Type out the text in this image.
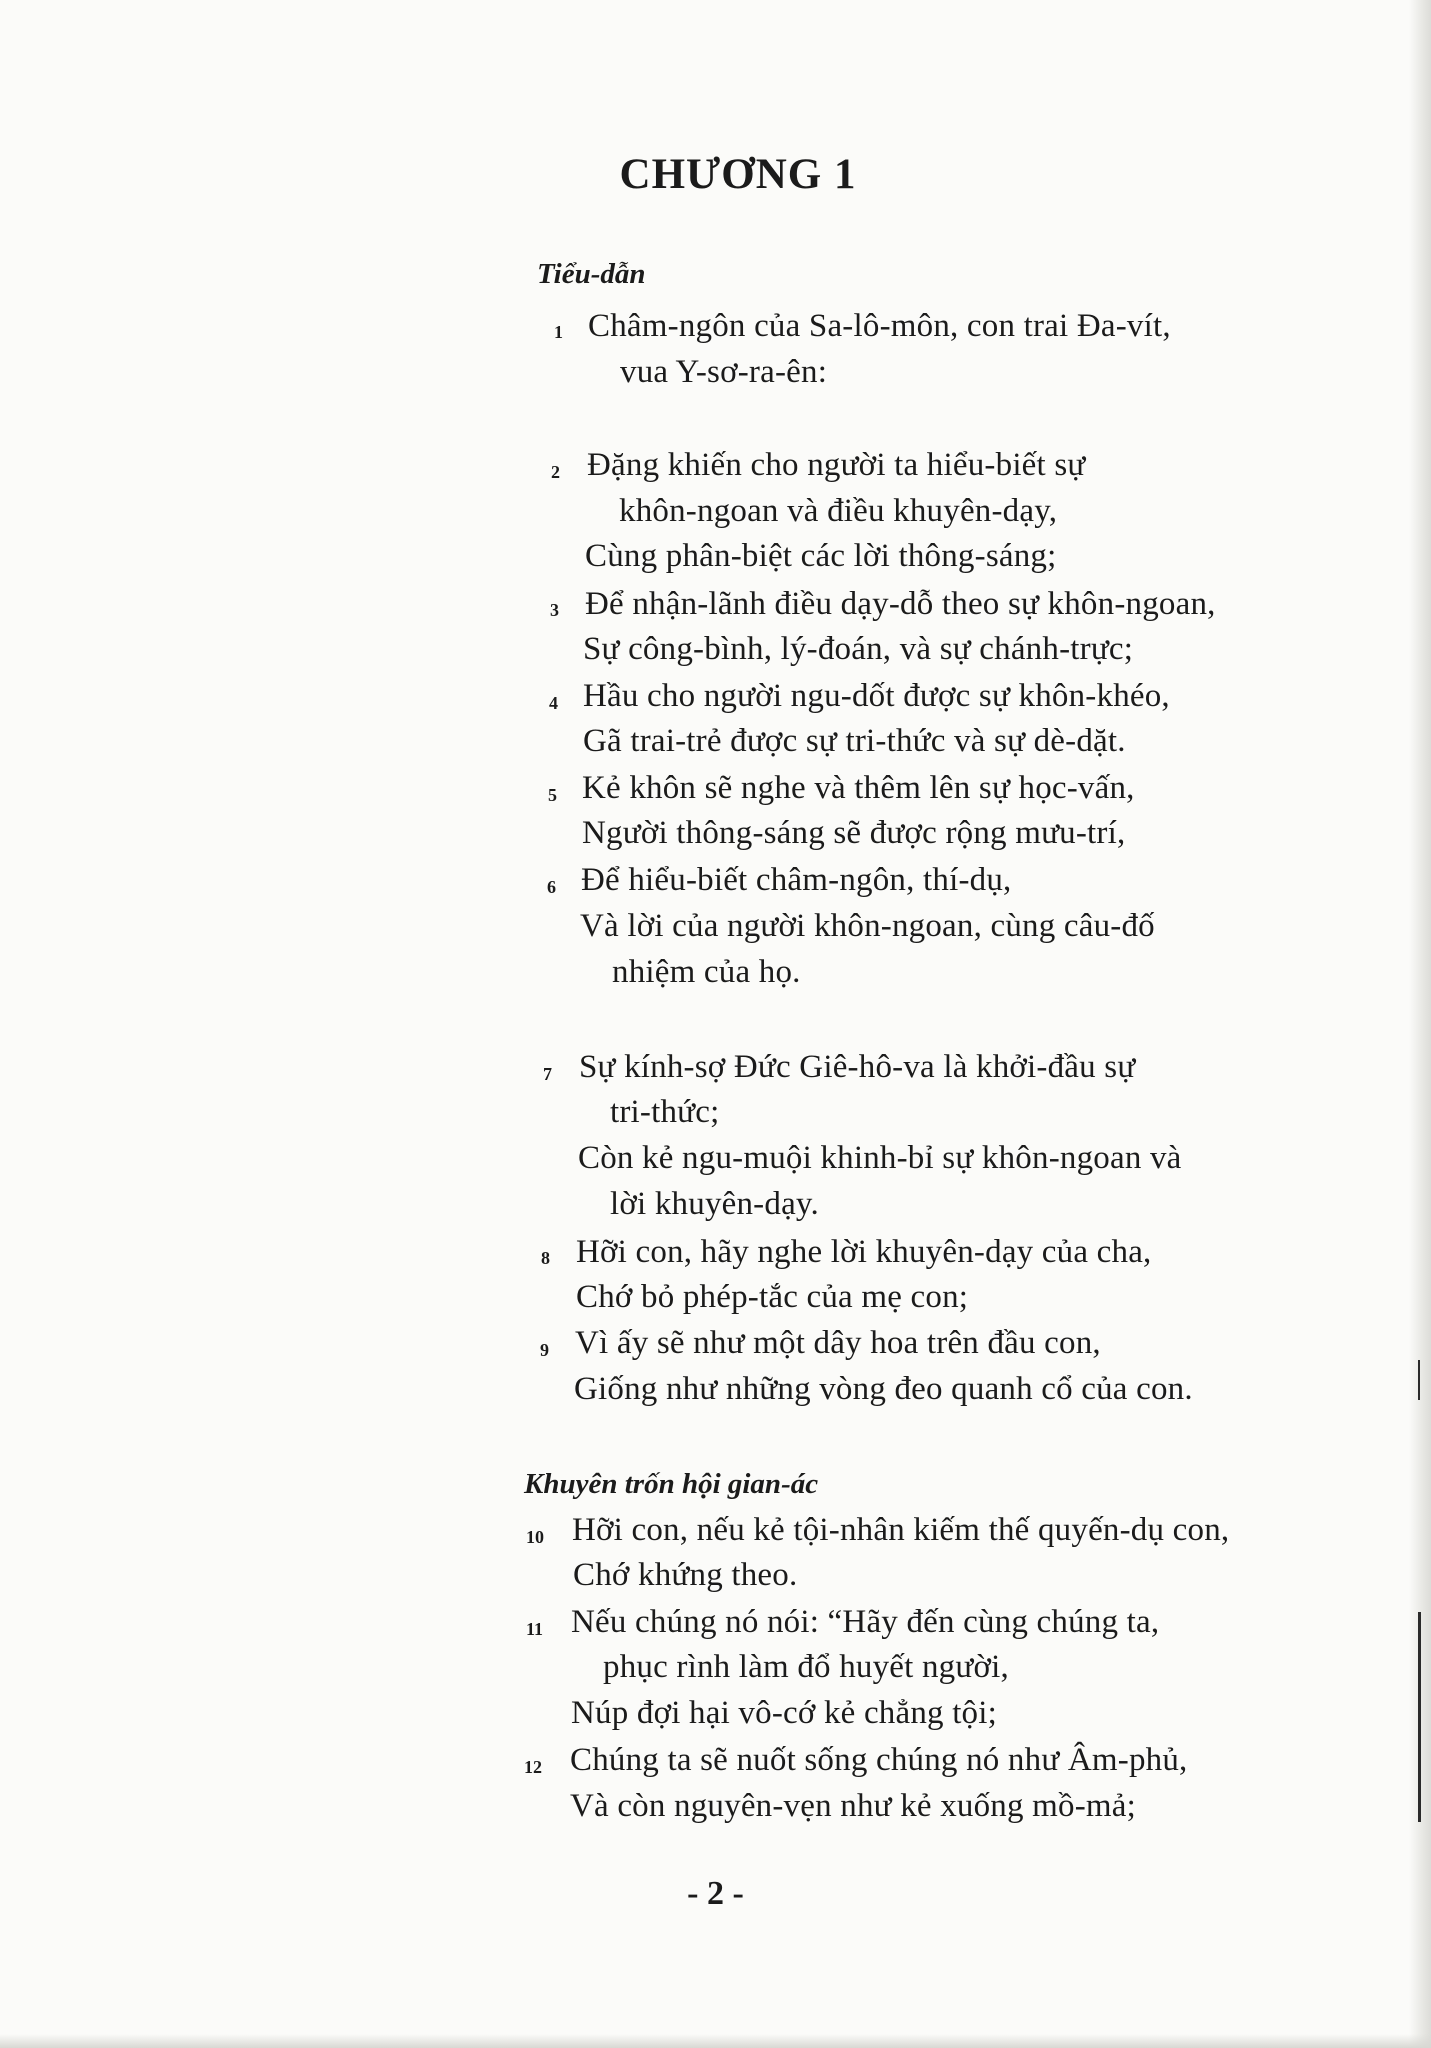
CHƯƠNG 1
Tiểu-dẫn
1 Châm-ngôn của Sa-lô-môn, con trai Đa-vít,
vua Y-sơ-ra-ên:
2 Đặng khiến cho người ta hiểu-biết sự
khôn-ngoan và điều khuyên-dạy,
Cùng phân-biệt các lời thông-sáng;
3 Để nhận-lãnh điều dạy-dỗ theo sự khôn-ngoan,
Sự công-bình, lý-đoán, và sự chánh-trực;
4 Hầu cho người ngu-dốt được sự khôn-khéo,
Gã trai-trẻ được sự tri-thức và sự dè-dặt.
5 Kẻ khôn sẽ nghe và thêm lên sự học-vấn,
Người thông-sáng sẽ được rộng mưu-trí,
6 Để hiểu-biết châm-ngôn, thí-dụ,
Và lời của người khôn-ngoan, cùng câu-đố
nhiệm của họ.
7 Sự kính-sợ Đức Giê-hô-va là khởi-đầu sự
tri-thức;
Còn kẻ ngu-muội khinh-bỉ sự khôn-ngoan và
lời khuyên-dạy.
8 Hỡi con, hãy nghe lời khuyên-dạy của cha,
Chớ bỏ phép-tắc của mẹ con;
9 Vì ấy sẽ như một dây hoa trên đầu con,
Giống như những vòng đeo quanh cổ của con.
Khuyên trốn hội gian-ác
10 Hỡi con, nếu kẻ tội-nhân kiếm thế quyến-dụ con,
Chớ khứng theo.
11 Nếu chúng nó nói: “Hãy đến cùng chúng ta,
phục rình làm đổ huyết người,
Núp đợi hại vô-cớ kẻ chẳng tội;
12 Chúng ta sẽ nuốt sống chúng nó như Âm-phủ,
Và còn nguyên-vẹn như kẻ xuống mồ-mả;
- 2 -
